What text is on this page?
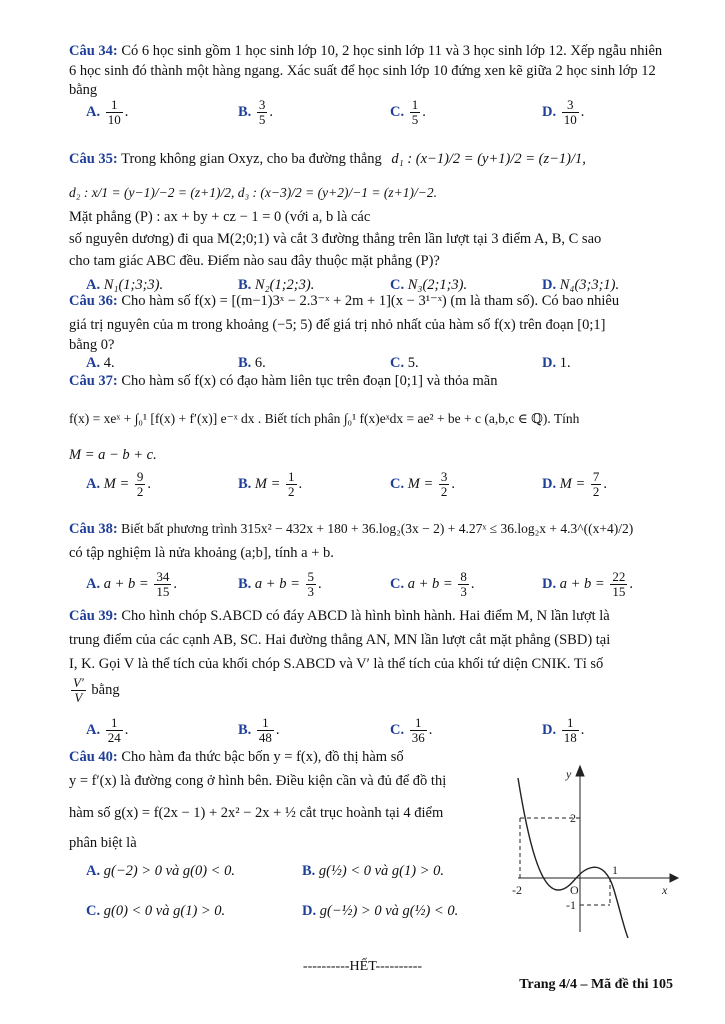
Câu 34: Có 6 học sinh gồm 1 học sinh lớp 10, 2 học sinh lớp 11 và 3 học sinh lớp 12. Xếp ngẫu nhiên 6 học sinh đó thành một hàng ngang. Xác suất để học sinh lớp 10 đứng xen kẽ giữa 2 học sinh lớp 12 bằng
A. $\frac{1}{10}$ .	B. $\frac{3}{5}$ .	C. $\frac{1}{5}$ .	D. $\frac{3}{10}$ .
Câu 35: Trong không gian Oxyz, cho ba đường thẳng d₁ : (x−1)/2 = (y+1)/2 = (z−1)/1,
d₂ : x/1 = (y−1)/−2 = (z+1)/2, d₃ : (x−3)/2 = (y+2)/−1 = (z+1)/−2.
Mặt phẳng (P) : ax + by + cz − 1 = 0 (với a, b là các
số nguyên dương) đi qua M(2;0;1) và cắt 3 đường thẳng trên lần lượt tại 3 điểm A, B, C sao
cho tam giác ABC đều. Điểm nào sau đây thuộc mặt phẳng (P)?
A. N₁(1;3;3).	B. N₂(1;2;3).	C. N₃(2;1;3).	D. N₄(3;3;1).
Câu 36: Cho hàm số f(x) = [(m−1)3ˣ − 2.3⁻ˣ + 2m + 1](x − 3¹⁻ˣ) (m là tham số). Có bao nhiêu
giá trị nguyên của m trong khoảng (−5; 5) để giá trị nhỏ nhất của hàm số f(x) trên đoạn [0;1]
bằng 0?
A. 4.	B. 6.	C. 5.	D. 1.
Câu 37: Cho hàm số f(x) có đạo hàm liên tục trên đoạn [0;1] và thỏa mãn
f(x) = xeˣ + ∫₀¹ [f(x) + f′(x)] e⁻ˣ dx . Biết tích phân ∫₀¹ f(x)eˣdx = ae² + be + c (a,b,c ∈ ℚ). Tính
M = a − b + c.
A. $M = \frac{9}{2}$ .	B. $M = \frac{1}{2}$ .	C. $M = \frac{3}{2}$ .	D. $M = \frac{7}{2}$ .
Câu 38: Biết bất phương trình 315x² − 432x + 180 + 36.log₂(3x − 2) + 4.27ˣ ≤ 36.log₂x + 4.3^((x+4)/2)
có tập nghiệm là nửa khoảng (a;b], tính a + b.
A. $a + b = \frac{34}{15}$ .	B. $a + b = \frac{5}{3}$ .	C. $a + b = \frac{8}{3}$ .	D. $a + b = \frac{22}{15}$ .
Câu 39: Cho hình chóp S.ABCD có đáy ABCD là hình bình hành. Hai điểm M, N lần lượt là
trung điểm của các cạnh AB, SC. Hai đường thẳng AN, MN lần lượt cắt mặt phẳng (SBD) tại
I, K. Gọi V là thể tích của khối chóp S.ABCD và V′ là thể tích của khối tứ diện CNIK. Tỉ số
$\frac{V'}{V}$ bằng
A. $\frac{1}{24}$ .	B. $\frac{1}{48}$ .	C. $\frac{1}{36}$ .	D. $\frac{1}{18}$ .
Câu 40: Cho hàm đa thức bậc bốn y = f(x), đồ thị hàm số
y = f′(x) là đường cong ở hình bên. Điều kiện cần và đủ để đồ thị
hàm số g(x) = f(2x − 1) + 2x² − 2x + ½ cắt trục hoành tại 4 điểm
phân biệt là
A. g(−2) > 0 và g(0) < 0.	B. g(½) < 0 và g(1) > 0.
C. g(0) < 0 và g(1) > 0.	D. g(−½) > 0 và g(½) < 0.
y
x
O
2
-2
1
-1
----------HẾT----------
Trang 4/4 – Mã đề thi 105
